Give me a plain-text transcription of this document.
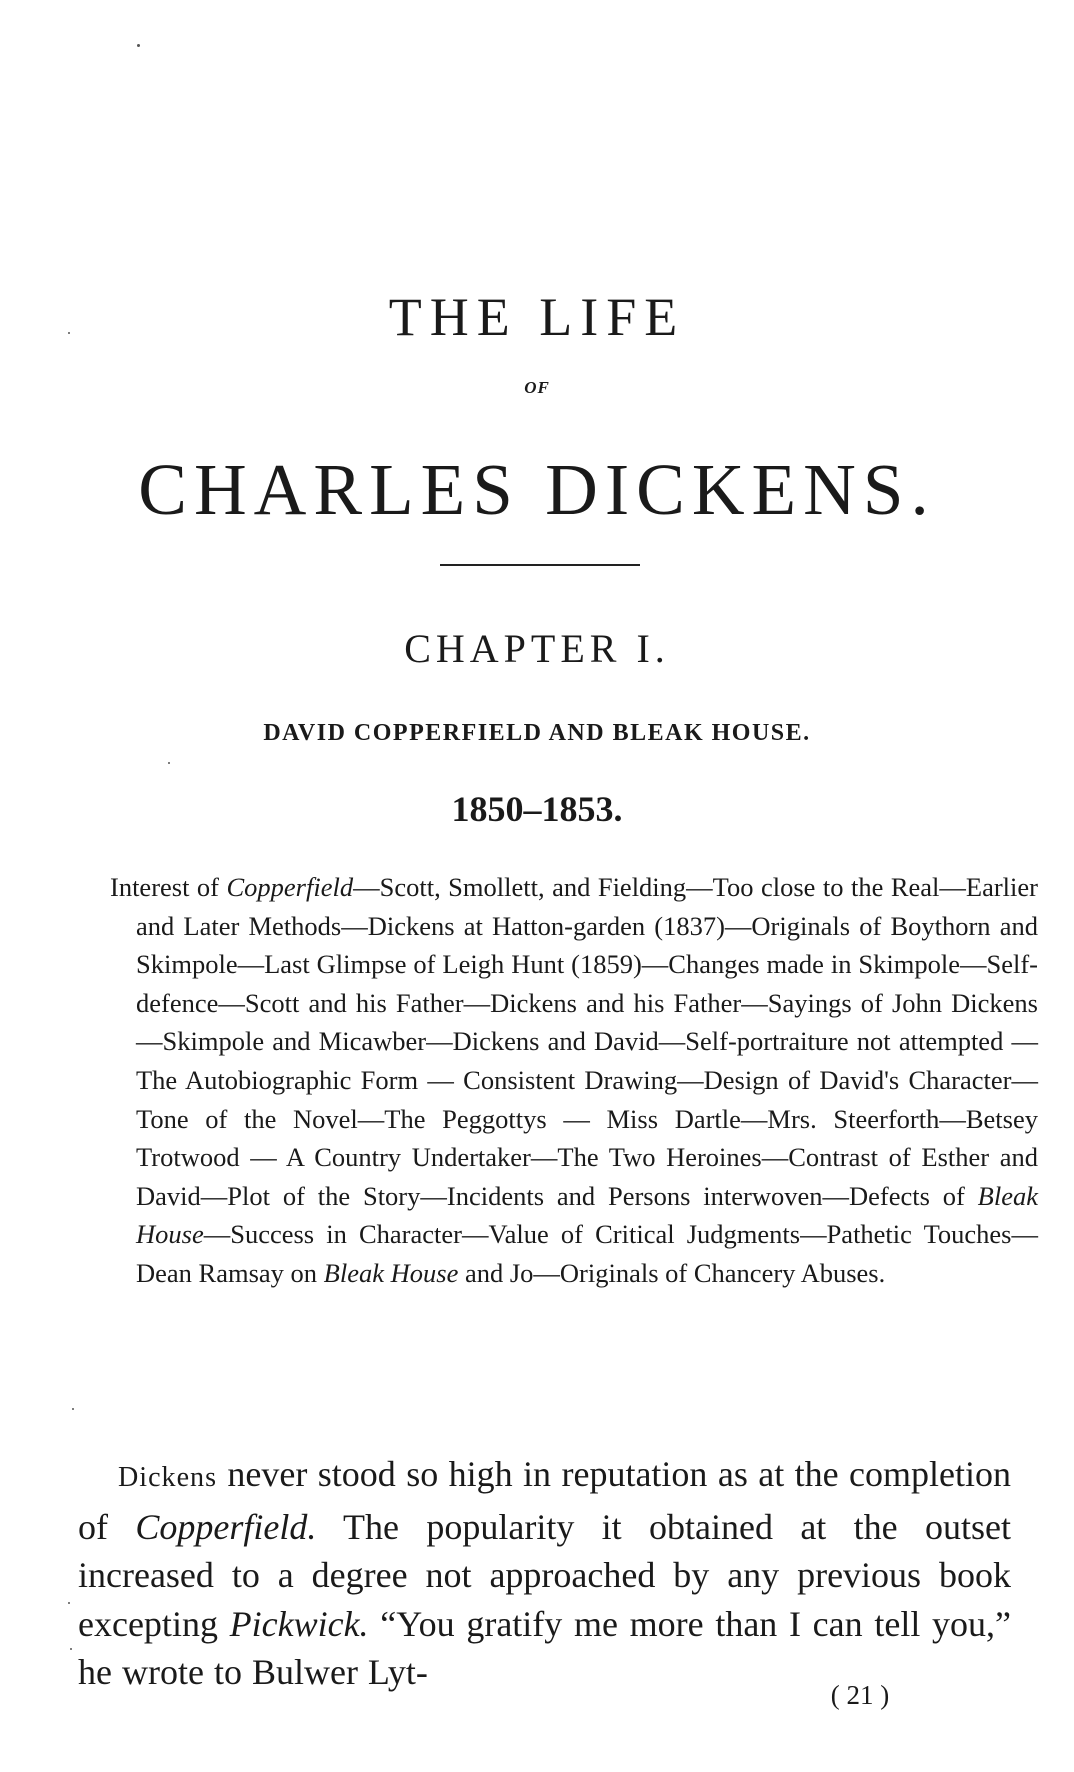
THE LIFE
OF
CHARLES DICKENS.
CHAPTER I.
DAVID COPPERFIELD AND BLEAK HOUSE.
1850–1853.

Interest of Copperfield—Scott, Smollett, and Fielding—Too close to the Real—Earlier and Later Methods—Dickens at Hatton-garden (1837)—Originals of Boythorn and Skimpole—Last Glimpse of Leigh Hunt (1859)—Changes made in Skimpole—Self-defence—Scott and his Father—Dickens and his Father—Sayings of John Dickens—Skimpole and Micawber—Dickens and David—Self-portraiture not attempted — The Autobiographic Form — Consistent Drawing—Design of David's Character—Tone of the Novel—The Peggottys — Miss Dartle—Mrs. Steerforth—Betsey Trotwood — A Country Undertaker—The Two Heroines—Contrast of Esther and David—Plot of the Story—Incidents and Persons interwoven—Defects of Bleak House—Success in Character—Value of Critical Judgments—Pathetic Touches—Dean Ramsay on Bleak House and Jo—Originals of Chancery Abuses.

Dickens never stood so high in reputation as at the completion of Copperfield. The popularity it obtained at the outset increased to a degree not approached by any previous book excepting Pickwick. “You gratify me more than I can tell you,” he wrote to Bulwer Lyt-

( 21 )
